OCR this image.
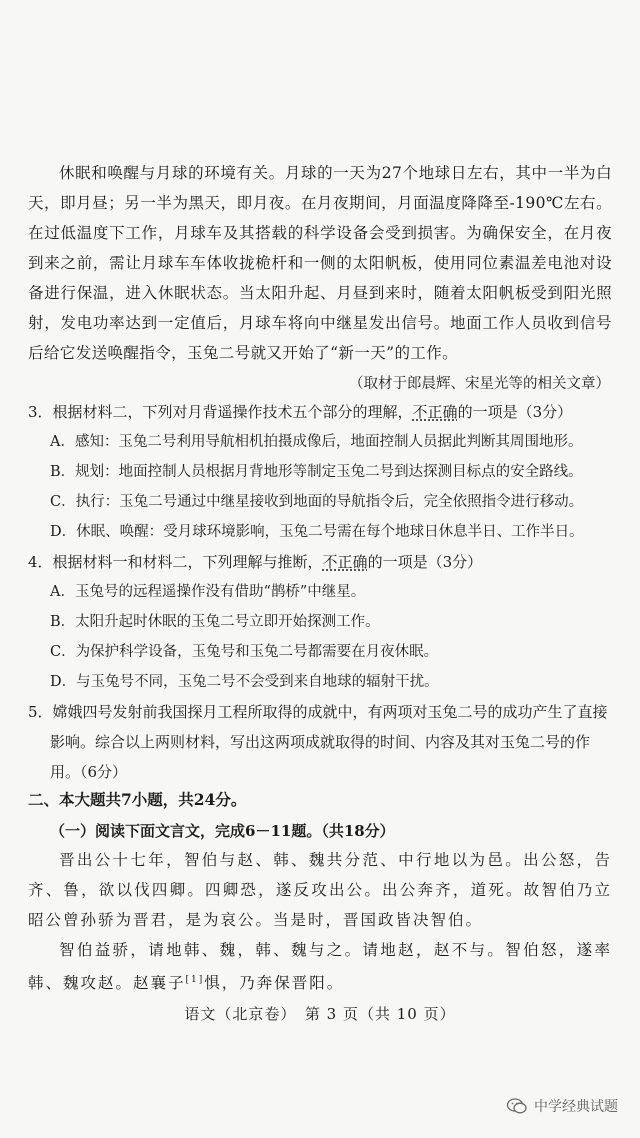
休眠和唤醒与月球的环境有关。月球的一天为27个地球日左右，其中一半为白天，即月昼；另一半为黑天，即月夜。在月夜期间，月面温度降降至-190℃左右。在过低温度下工作，月球车及其搭载的科学设备会受到损害。为确保安全，在月夜到来之前，需让月球车车体收拢桅杆和一侧的太阳帆板，使用同位素温差电池对设备进行保温，进入休眠状态。当太阳升起、月昼到来时，随着太阳帆板受到阳光照射，发电功率达到一定值后，月球车将向中继星发出信号。地面工作人员收到信号后给它发送唤醒指令，玉兔二号就又开始了“新一天”的工作。

（取材于郎晨辉、宋星光等的相关文章）

3．根据材料二，下列对月背遥操作技术五个部分的理解，不正确的一项是（3分）

A．感知：玉兔二号利用导航相机拍摄成像后，地面控制人员据此判断其周围地形。

B．规划：地面控制人员根据月背地形等制定玉兔二号到达探测目标点的安全路线。

C．执行：玉兔二号通过中继星接收到地面的导航指令后，完全依照指令进行移动。

D．休眠、唤醒：受月球环境影响，玉兔二号需在每个地球日休息半日、工作半日。

4．根据材料一和材料二，下列理解与推断，不正确的一项是（3分）

A．玉兔号的远程遥操作没有借助“鹊桥”中继星。

B．太阳升起时休眠的玉兔二号立即开始探测工作。

C．为保护科学设备，玉兔号和玉兔二号都需要在月夜休眠。

D．与玉兔号不同，玉兔二号不会受到来自地球的辐射干扰。

5．嫦娥四号发射前我国探月工程所取得的成就中，有两项对玉兔二号的成功产生了直接影响。综合以上两则材料，写出这两项成就取得的时间、内容及其对玉兔二号的作用。（6分）

二、本大题共7小题，共24分。

（一）阅读下面文言文，完成6－11题。（共18分）

晋出公十七年，智伯与赵、韩、魏共分范、中行地以为邑。出公怒，告齐、鲁，欲以伐四卿。四卿恐，遂反攻出公。出公奔齐，道死。故智伯乃立昭公曾孙骄为晋君，是为哀公。当是时，晋国政皆决智伯。

智伯益骄，请地韩、魏，韩、魏与之。请地赵，赵不与。智伯怒，遂率韩、魏攻赵。赵襄子[1]惧，乃奔保晋阳。

语文（北京卷）　第 3 页（共 10 页）
中学经典试题
